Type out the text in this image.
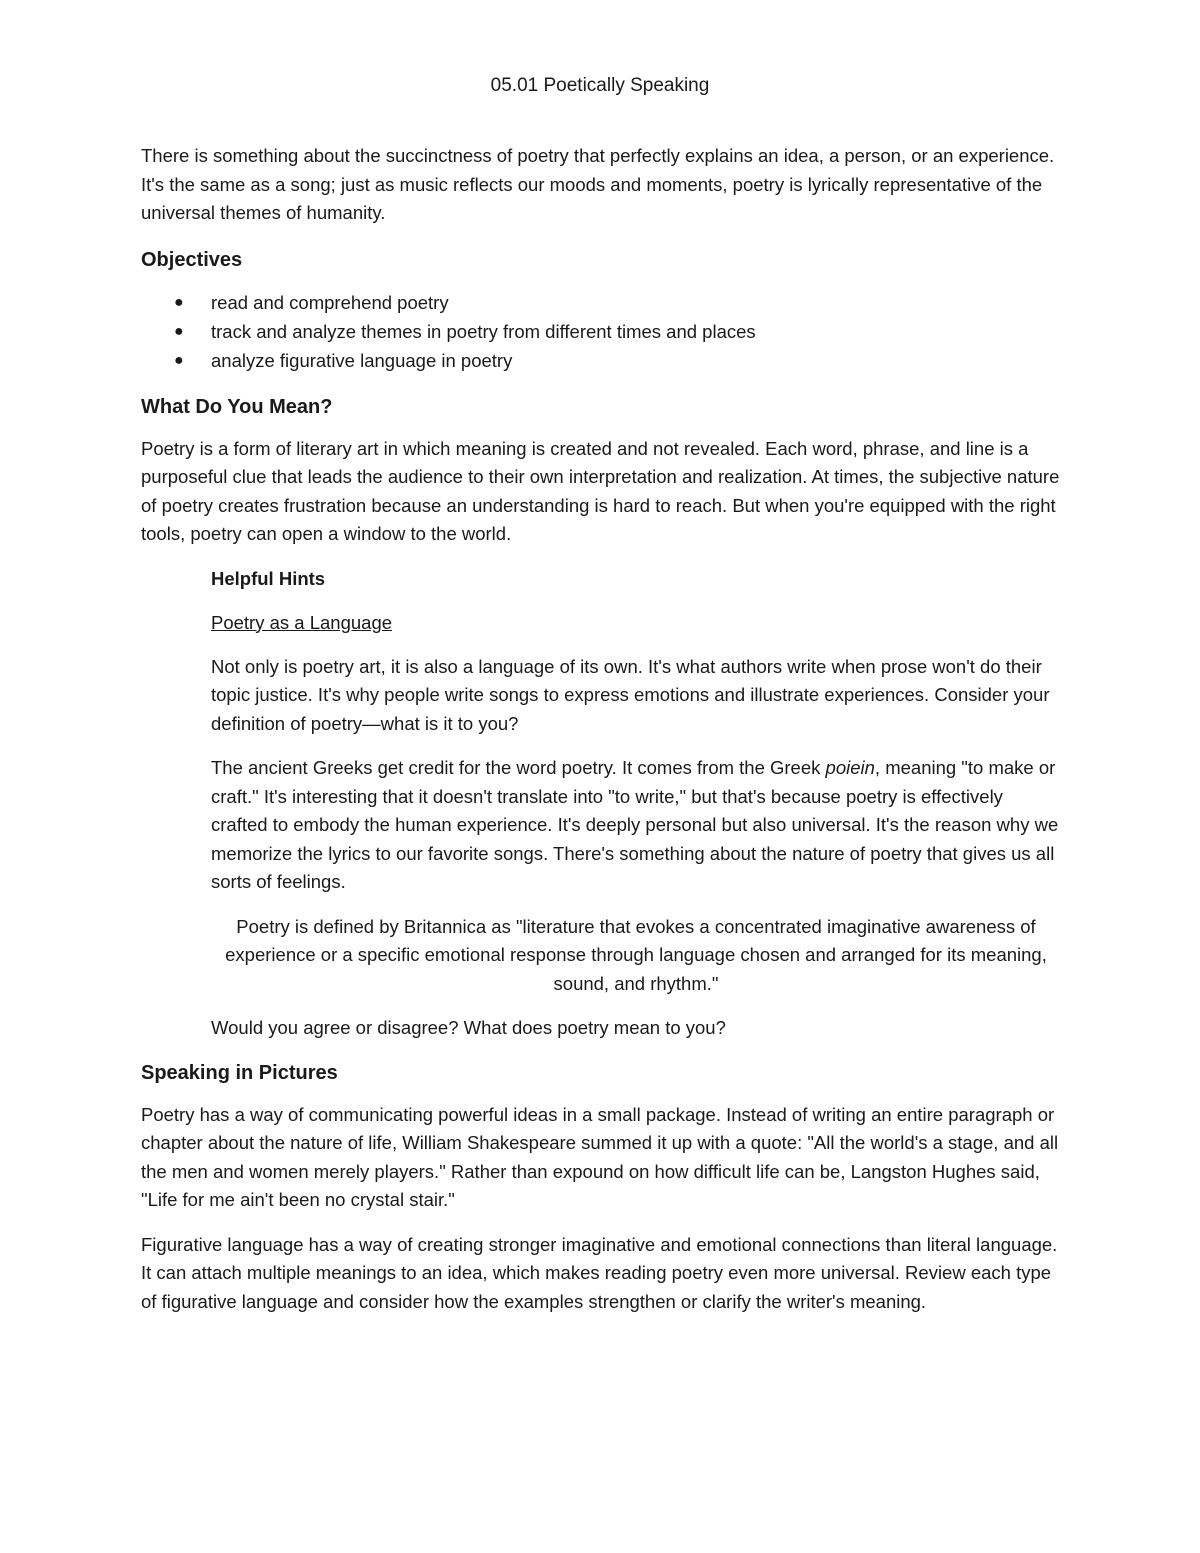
05.01 Poetically Speaking

There is something about the succinctness of poetry that perfectly explains an idea, a person, or an experience. It's the same as a song; just as music reflects our moods and moments, poetry is lyrically representative of the universal themes of humanity.

Objectives
● read and comprehend poetry
● track and analyze themes in poetry from different times and places
● analyze figurative language in poetry
What Do You Mean?

Poetry is a form of literary art in which meaning is created and not revealed. Each word, phrase, and line is a purposeful clue that leads the audience to their own interpretation and realization. At times, the subjective nature of poetry creates frustration because an understanding is hard to reach. But when you're equipped with the right tools, poetry can open a window to the world.

Helpful Hints
Poetry as a Language

Not only is poetry art, it is also a language of its own. It's what authors write when prose won't do their topic justice. It's why people write songs to express emotions and illustrate experiences. Consider your definition of poetry—what is it to you?

The ancient Greeks get credit for the word poetry. It comes from the Greek poiein, meaning "to make or craft." It's interesting that it doesn't translate into "to write," but that's because poetry is effectively crafted to embody the human experience. It's deeply personal but also universal. It's the reason why we memorize the lyrics to our favorite songs. There's something about the nature of poetry that gives us all sorts of feelings.

Poetry is defined by Britannica as "literature that evokes a concentrated imaginative awareness of experience or a specific emotional response through language chosen and arranged for its meaning, sound, and rhythm."

Would you agree or disagree? What does poetry mean to you?

Speaking in Pictures

Poetry has a way of communicating powerful ideas in a small package. Instead of writing an entire paragraph or chapter about the nature of life, William Shakespeare summed it up with a quote: "All the world's a stage, and all the men and women merely players." Rather than expound on how difficult life can be, Langston Hughes said, "Life for me ain't been no crystal stair."

Figurative language has a way of creating stronger imaginative and emotional connections than literal language. It can attach multiple meanings to an idea, which makes reading poetry even more universal. Review each type of figurative language and consider how the examples strengthen or clarify the writer's meaning.
